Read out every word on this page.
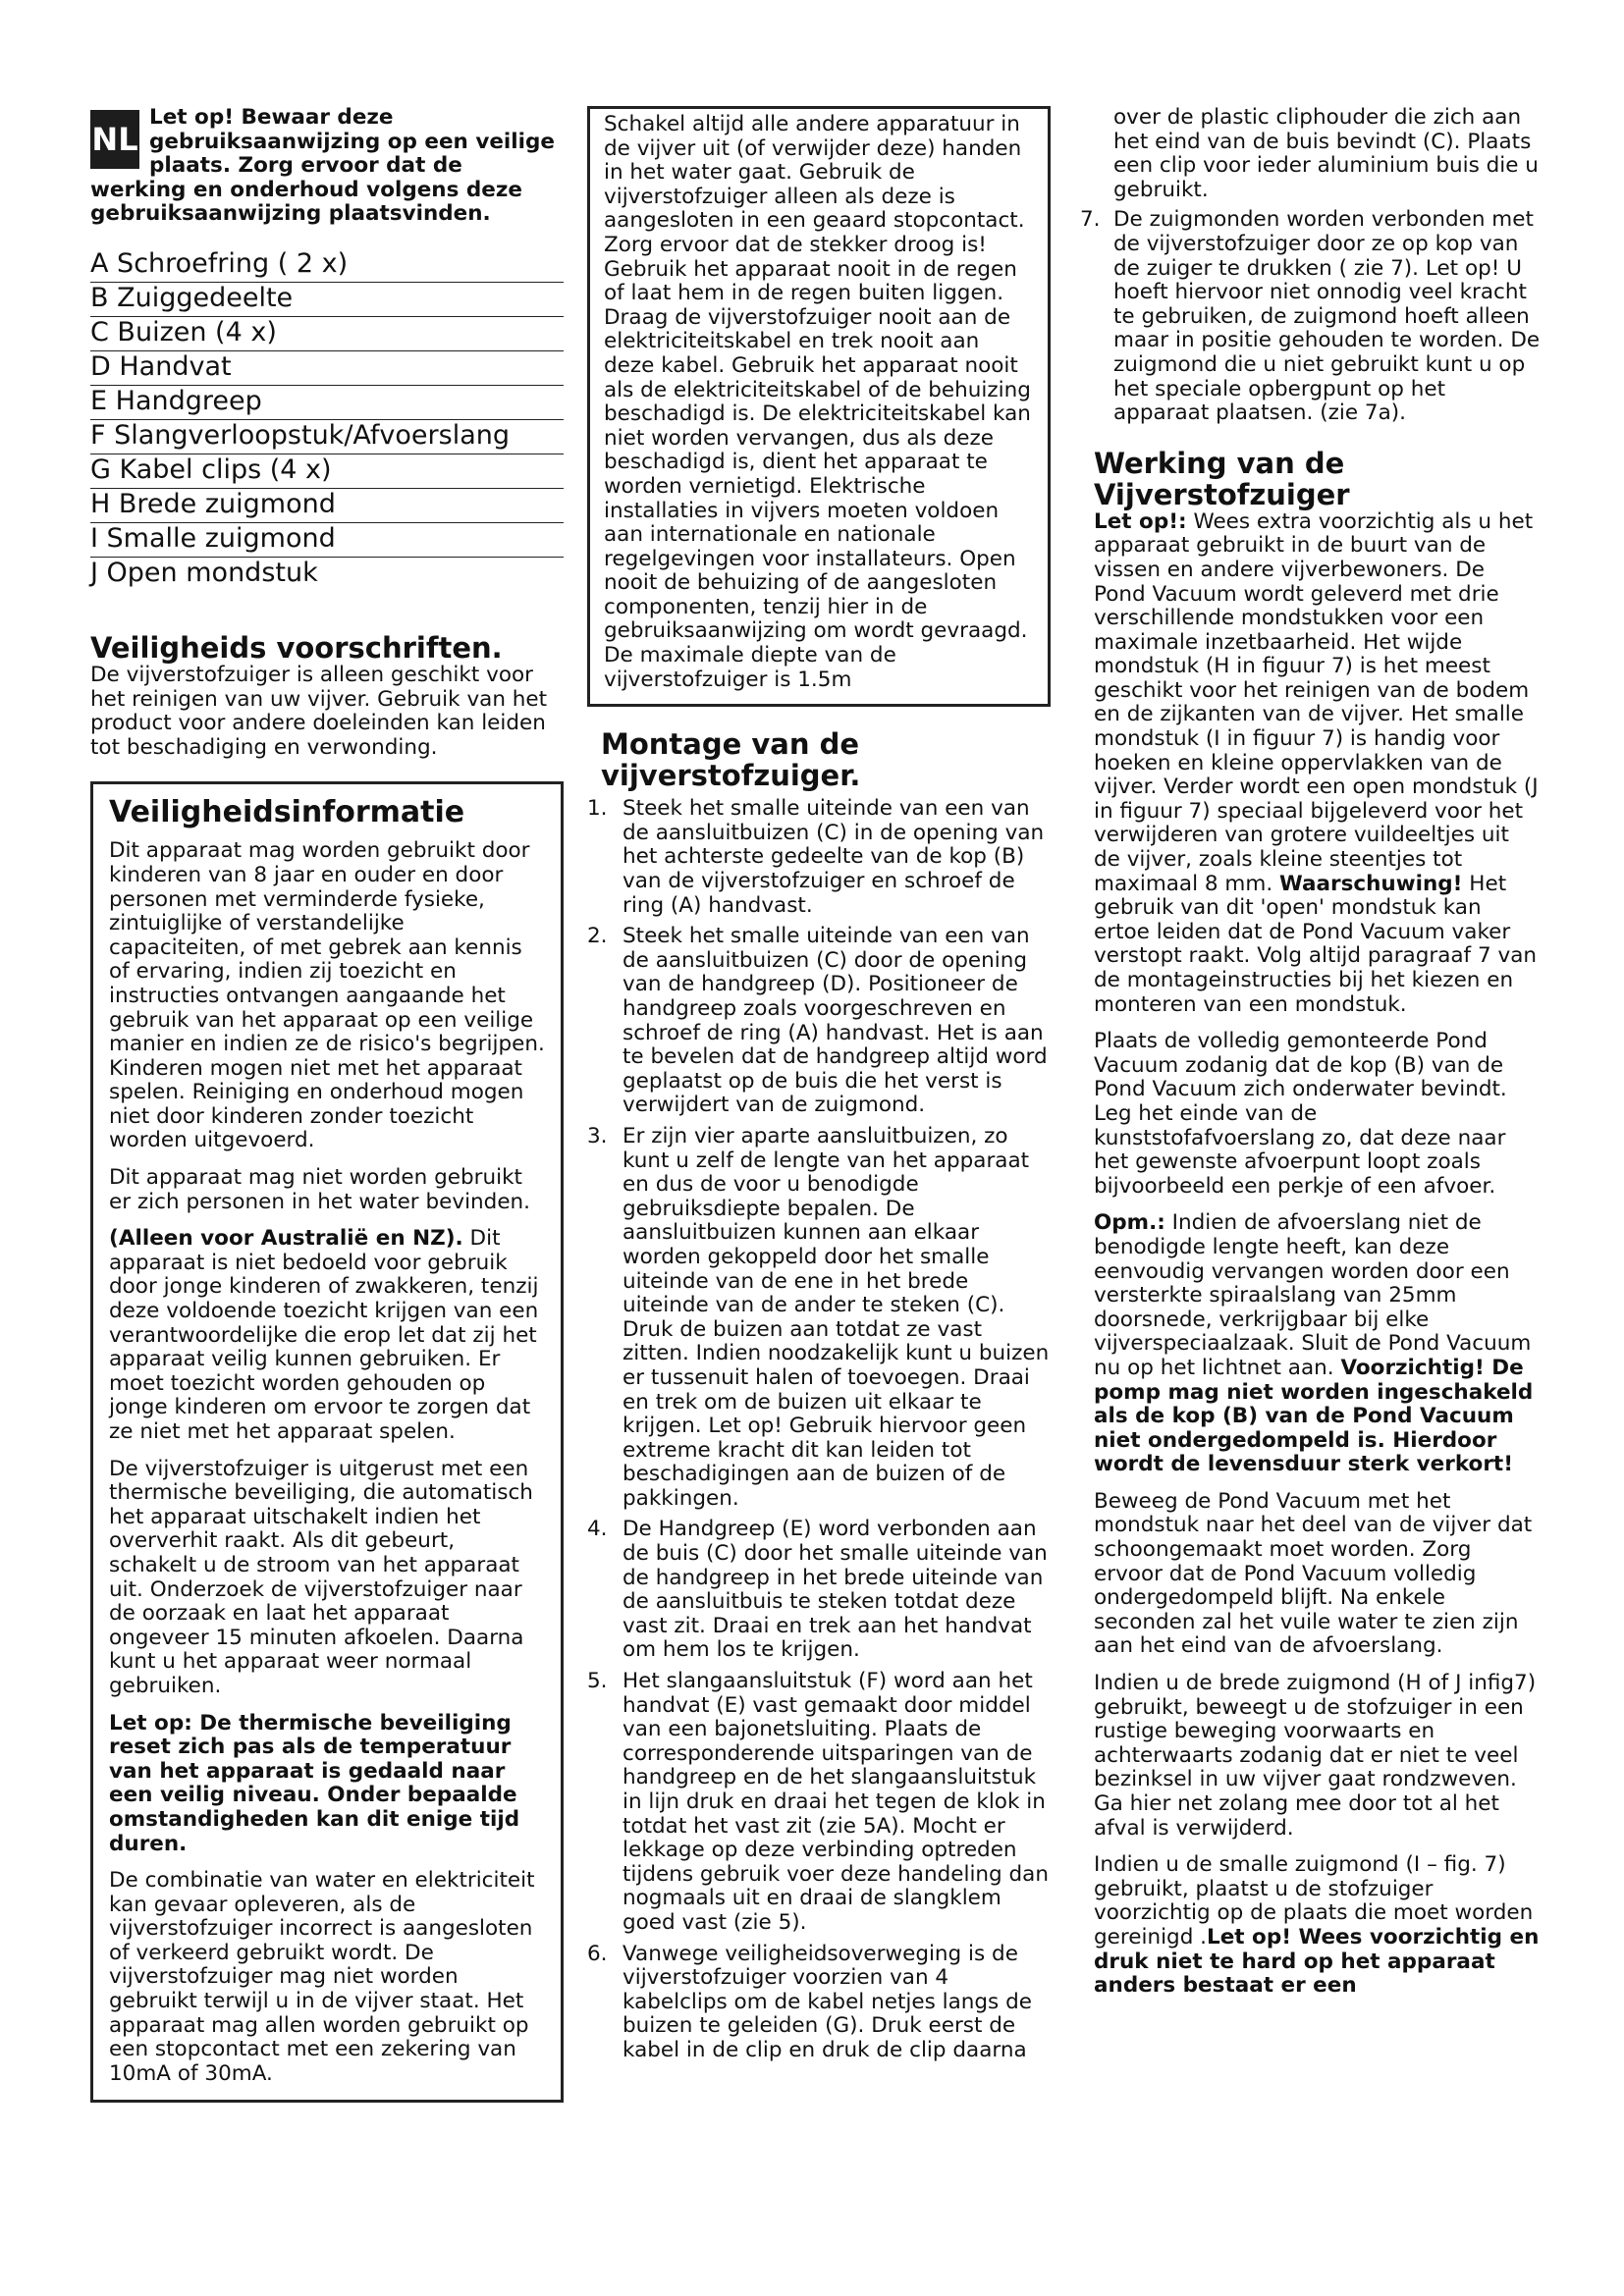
NL
Let op! Bewaar deze gebruiksaanwijzing op een veilige plaats. Zorg ervoor dat de werking en onderhoud volgens deze gebruiksaanwijzing plaatsvinden.
A Schroefring ( 2 x)
B Zuiggedeelte
C Buizen (4 x)
D Handvat
E Handgreep
F Slangverloopstuk/Afvoerslang
G Kabel clips (4 x)
H Brede zuigmond
I Smalle zuigmond
J Open mondstuk
Veiligheids voorschriften.

De vijverstofzuiger is alleen geschikt voor het reinigen van uw vijver. Gebruik van het product voor andere doeleinden kan leiden tot beschadiging en verwonding.

Veiligheidsinformatie

Dit apparaat mag worden gebruikt door kinderen van 8 jaar en ouder en door personen met verminderde fysieke, zintuiglijke of verstandelijke capaciteiten, of met gebrek aan kennis of ervaring, indien zij toezicht en instructies ontvangen aangaande het gebruik van het apparaat op een veilige manier en indien ze de risico's begrijpen. Kinderen mogen niet met het apparaat spelen. Reiniging en onderhoud mogen niet door kinderen zonder toezicht worden uitgevoerd.

Dit apparaat mag niet worden gebruikt er zich personen in het water bevinden.

(Alleen voor Australië en NZ). Dit apparaat is niet bedoeld voor gebruik door jonge kinderen of zwakkeren, tenzij deze voldoende toezicht krijgen van een verantwoordelijke die erop let dat zij het apparaat veilig kunnen gebruiken. Er moet toezicht worden gehouden op jonge kinderen om ervoor te zorgen dat ze niet met het apparaat spelen.

De vijverstofzuiger is uitgerust met een thermische beveiliging, die automatisch het apparaat uitschakelt indien het oververhit raakt. Als dit gebeurt, schakelt u de stroom van het apparaat uit. Onderzoek de vijverstofzuiger naar de oorzaak en laat het apparaat ongeveer 15 minuten afkoelen. Daarna kunt u het apparaat weer normaal gebruiken.

Let op: De thermische beveiliging reset zich pas als de temperatuur van het apparaat is gedaald naar een veilig niveau. Onder bepaalde omstandigheden kan dit enige tijd duren.

De combinatie van water en elektriciteit kan gevaar opleveren, als de vijverstofzuiger incorrect is aangesloten of verkeerd gebruikt wordt. De vijverstofzuiger mag niet worden gebruikt terwijl u in de vijver staat. Het apparaat mag allen worden gebruikt op een stopcontact met een zekering van 10mA of 30mA.

Schakel altijd alle andere apparatuur in de vijver uit (of verwijder deze) handen in het water gaat. Gebruik de vijverstofzuiger alleen als deze is aangesloten in een geaard stopcontact. Zorg ervoor dat de stekker droog is! Gebruik het apparaat nooit in de regen of laat hem in de regen buiten liggen. Draag de vijverstofzuiger nooit aan de elektriciteitskabel en trek nooit aan deze kabel. Gebruik het apparaat nooit als de elektriciteitskabel of de behuizing beschadigd is. De elektriciteitskabel kan niet worden vervangen, dus als deze beschadigd is, dient het apparaat te worden vernietigd. Elektrische installaties in vijvers moeten voldoen aan internationale en nationale regelgevingen voor installateurs. Open nooit de behuizing of de aangesloten componenten, tenzij hier in de gebruiksaanwijzing om wordt gevraagd. De maximale diepte van de vijverstofzuiger is 1.5m

Montage van de vijverstofzuiger.
1. Steek het smalle uiteinde van een van de aansluitbuizen (C) in de opening van het achterste gedeelte van de kop (B) van de vijverstofzuiger en schroef de ring (A) handvast.
2. Steek het smalle uiteinde van een van de aansluitbuizen (C) door de opening van de handgreep (D). Positioneer de handgreep zoals voorgeschreven en schroef de ring (A) handvast. Het is aan te bevelen dat de handgreep altijd word geplaatst op de buis die het verst is verwijdert van de zuigmond.
3. Er zijn vier aparte aansluitbuizen, zo kunt u zelf de lengte van het apparaat en dus de voor u benodigde gebruiksdiepte bepalen. De aansluitbuizen kunnen aan elkaar worden gekoppeld door het smalle uiteinde van de ene in het brede uiteinde van de ander te steken (C). Druk de buizen aan totdat ze vast zitten. Indien noodzakelijk kunt u buizen er tussenuit halen of toevoegen. Draai en trek om de buizen uit elkaar te krijgen. Let op! Gebruik hiervoor geen extreme kracht dit kan leiden tot beschadigingen aan de buizen of de pakkingen.
4. De Handgreep (E) word verbonden aan de buis (C) door het smalle uiteinde van de handgreep in het brede uiteinde van de aansluitbuis te steken totdat deze vast zit. Draai en trek aan het handvat om hem los te krijgen.
5. Het slangaansluitstuk (F) word aan het handvat (E) vast gemaakt door middel van een bajonetsluiting. Plaats de corresponderende uitsparingen van de handgreep en de het slangaansluitstuk in lijn druk en draai het tegen de klok in totdat het vast zit (zie 5A). Mocht er lekkage op deze verbinding optreden tijdens gebruik voer deze handeling dan nogmaals uit en draai de slangklem goed vast (zie 5).
6. Vanwege veiligheidsoverweging is de vijverstofzuiger voorzien van 4 kabelclips om de kabel netjes langs de buizen te geleiden (G). Druk eerst de kabel in de clip en druk de clip daarna

over de plastic cliphouder die zich aan het eind van de buis bevindt (C). Plaats een clip voor ieder aluminium buis die u gebruikt.

7. De zuigmonden worden verbonden met de vijverstofzuiger door ze op kop van de zuiger te drukken ( zie 7). Let op! U hoeft hiervoor niet onnodig veel kracht te gebruiken, de zuigmond hoeft alleen maar in positie gehouden te worden. De zuigmond die u niet gebruikt kunt u op het speciale opbergpunt op het apparaat plaatsen. (zie 7a).
Werking van de Vijverstofzuiger

Let op!: Wees extra voorzichtig als u het apparaat gebruikt in de buurt van de vissen en andere vijverbewoners. De Pond Vacuum wordt geleverd met drie verschillende mondstukken voor een maximale inzetbaarheid. Het wijde mondstuk (H in figuur 7) is het meest geschikt voor het reinigen van de bodem en de zijkanten van de vijver. Het smalle mondstuk (I in figuur 7) is handig voor hoeken en kleine oppervlakken van de vijver. Verder wordt een open mondstuk (J in figuur 7) speciaal bijgeleverd voor het verwijderen van grotere vuildeeltjes uit de vijver, zoals kleine steentjes tot maximaal 8 mm. Waarschuwing! Het gebruik van dit 'open' mondstuk kan ertoe leiden dat de Pond Vacuum vaker verstopt raakt. Volg altijd paragraaf 7 van de montageinstructies bij het kiezen en monteren van een mondstuk.

Plaats de volledig gemonteerde Pond Vacuum zodanig dat de kop (B) van de Pond Vacuum zich onderwater bevindt. Leg het einde van de kunststofafvoerslang zo, dat deze naar het gewenste afvoerpunt loopt zoals bijvoorbeeld een perkje of een afvoer.

Opm.: Indien de afvoerslang niet de benodigde lengte heeft, kan deze eenvoudig vervangen worden door een versterkte spiraalslang van 25mm doorsnede, verkrijgbaar bij elke vijverspeciaalzaak. Sluit de Pond Vacuum nu op het lichtnet aan. Voorzichtig! De pomp mag niet worden ingeschakeld als de kop (B) van de Pond Vacuum niet ondergedompeld is. Hierdoor wordt de levensduur sterk verkort!

Beweeg de Pond Vacuum met het mondstuk naar het deel van de vijver dat schoongemaakt moet worden. Zorg ervoor dat de Pond Vacuum volledig ondergedompeld blijft. Na enkele seconden zal het vuile water te zien zijn aan het eind van de afvoerslang.

Indien u de brede zuigmond (H of J infig7) gebruikt, beweegt u de stofzuiger in een rustige beweging voorwaarts en achterwaarts zodanig dat er niet te veel bezinksel in uw vijver gaat rondzweven. Ga hier net zolang mee door tot al het afval is verwijderd.

Indien u de smalle zuigmond (I – fig. 7) gebruikt, plaatst u de stofzuiger voorzichtig op de plaats die moet worden gereinigd .Let op! Wees voorzichtig en druk niet te hard op het apparaat anders bestaat er een
